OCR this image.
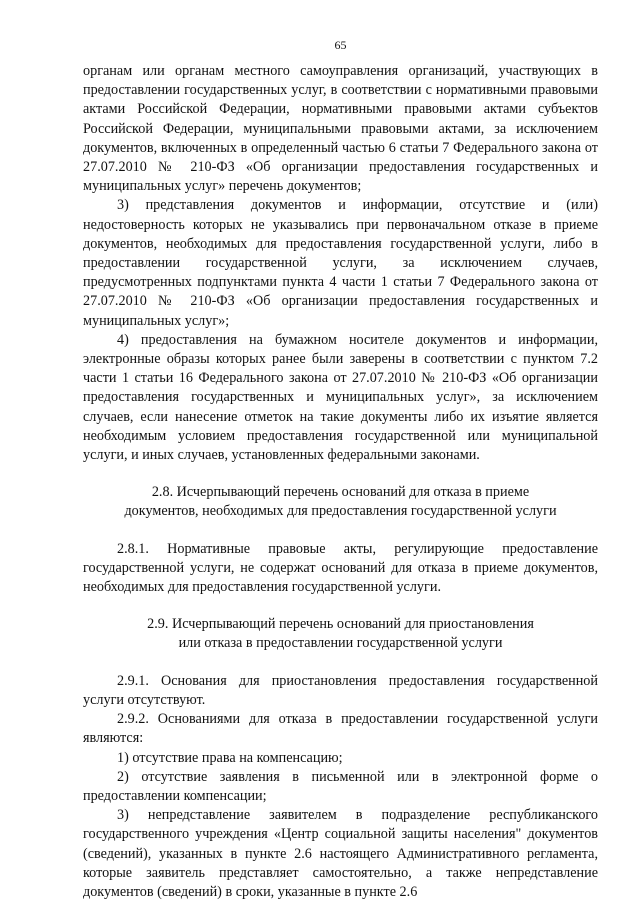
65

органам или органам местного самоуправления организаций, участвующих в предоставлении государственных услуг, в соответствии с нормативными правовыми актами Российской Федерации, нормативными правовыми актами субъектов Российской Федерации, муниципальными правовыми актами, за исключением документов, включенных в определенный частью 6 статьи 7 Федерального закона от 27.07.2010 № 210-ФЗ «Об организации предоставления государственных и муниципальных услуг» перечень документов;

3) представления документов и информации, отсутствие и (или) недостоверность которых не указывались при первоначальном отказе в приеме документов, необходимых для предоставления государственной услуги, либо в предоставлении государственной услуги, за исключением случаев, предусмотренных подпунктами пункта 4 части 1 статьи 7 Федерального закона от 27.07.2010 № 210-ФЗ «Об организации предоставления государственных и муниципальных услуг»;

4) предоставления на бумажном носителе документов и информации, электронные образы которых ранее были заверены в соответствии с пунктом 7.2 части 1 статьи 16 Федерального закона от 27.07.2010 № 210-ФЗ «Об организации предоставления государственных и муниципальных услуг», за исключением случаев, если нанесение отметок на такие документы либо их изъятие является необходимым условием предоставления государственной или муниципальной услуги, и иных случаев, установленных федеральными законами.

2.8. Исчерпывающий перечень оснований для отказа в приеме
документов, необходимых для предоставления государственной услуги

2.8.1. Нормативные правовые акты, регулирующие предоставление государственной услуги, не содержат оснований для отказа в приеме документов, необходимых для предоставления государственной услуги.

2.9. Исчерпывающий перечень оснований для приостановления
или отказа в предоставлении государственной услуги

2.9.1. Основания для приостановления предоставления государственной услуги отсутствуют.

2.9.2. Основаниями для отказа в предоставлении государственной услуги являются:

1) отсутствие права на компенсацию;

2) отсутствие заявления в письменной или в электронной форме о предоставлении компенсации;

3) непредставление заявителем в подразделение республиканского государственного учреждения «Центр социальной защиты населения" документов (сведений), указанных в пункте 2.6 настоящего Административного регламента, которые заявитель представляет самостоятельно, а также непредставление документов (сведений) в сроки, указанные в пункте 2.6
